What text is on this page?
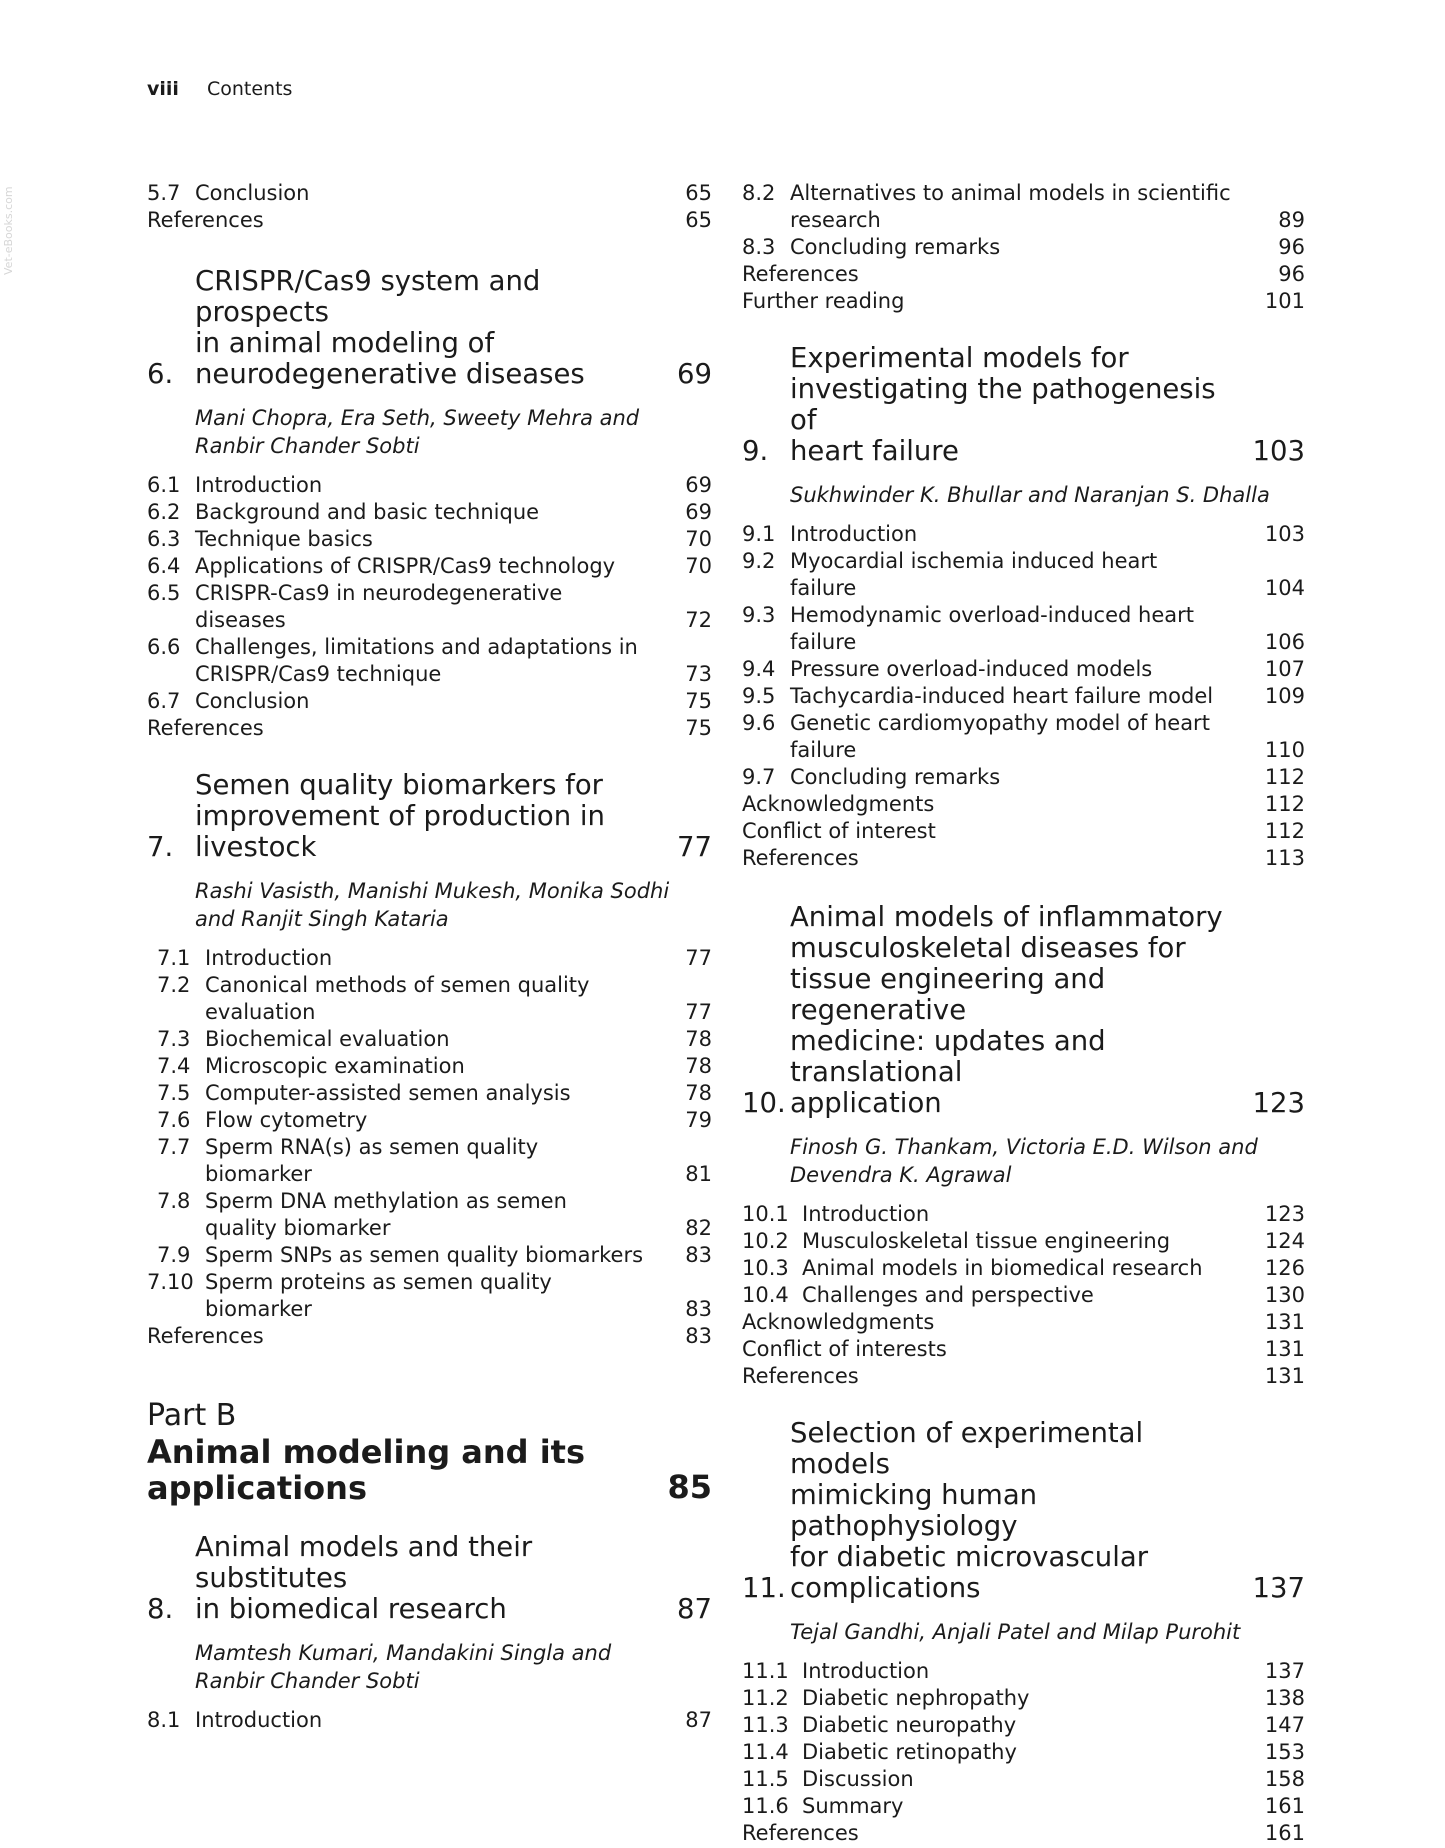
viii Contents
Vet-eBooks.com	5.7 Conclusion	65
References	65
6.
CRISPR/Cas9 system and prospects
in animal modeling of
neurodegenerative diseases	69
Mani Chopra, Era Seth, Sweety Mehra and
Ranbir Chander Sobti
6.1 Introduction	69
6.2 Background and basic technique	69
6.3 Technique basics	70
6.4 Applications of CRISPR/Cas9 technology	70
6.5 CRISPR-Cas9 in neurodegenerative
diseases	72
6.6 Challenges, limitations and adaptations in
CRISPR/Cas9 technique	73
6.7 Conclusion	75
References	75
7.
Semen quality biomarkers for
improvement of production in
livestock	77
Rashi Vasisth, Manishi Mukesh, Monika Sodhi
and Ranjit Singh Kataria
7.1 Introduction	77
7.2 Canonical methods of semen quality
evaluation	77
7.3 Biochemical evaluation	78
7.4 Microscopic examination	78
7.5 Computer-assisted semen analysis	78
7.6 Flow cytometry	79
7.7 Sperm RNA(s) as semen quality
biomarker	81
7.8 Sperm DNA methylation as semen
quality biomarker	82
7.9 Sperm SNPs as semen quality biomarkers	83
7.10 Sperm proteins as semen quality
biomarker	83
References	83
Part B
Animal modeling and its
applications	85
8.
Animal models and their substitutes
in biomedical research	87
Mamtesh Kumari, Mandakini Singla and
Ranbir Chander Sobti
8.1 Introduction	87
8.2 Alternatives to animal models in scientific
research	89
8.3 Concluding remarks	96
References	96
Further reading	101
9.
Experimental models for
investigating the pathogenesis of
heart failure	103
Sukhwinder K. Bhullar and Naranjan S. Dhalla
9.1 Introduction	103
9.2 Myocardial ischemia induced heart
failure	104
9.3 Hemodynamic overload-induced heart
failure	106
9.4 Pressure overload-induced models	107
9.5 Tachycardia-induced heart failure model	109
9.6 Genetic cardiomyopathy model of heart
failure	110
9.7 Concluding remarks	112
Acknowledgments	112
Conflict of interest	112
References	113
10.
Animal models of inflammatory
musculoskeletal diseases for
tissue engineering and regenerative
medicine: updates and translational
application	123
Finosh G. Thankam, Victoria E.D. Wilson and
Devendra K. Agrawal
10.1 Introduction	123
10.2 Musculoskeletal tissue engineering	124
10.3 Animal models in biomedical research	126
10.4 Challenges and perspective	130
Acknowledgments	131
Conflict of interests	131
References	131
11.
Selection of experimental models
mimicking human pathophysiology
for diabetic microvascular
complications	137
Tejal Gandhi, Anjali Patel and Milap Purohit
11.1 Introduction	137
11.2 Diabetic nephropathy	138
11.3 Diabetic neuropathy	147
11.4 Diabetic retinopathy	153
11.5 Discussion	158
11.6 Summary	161
References	161
